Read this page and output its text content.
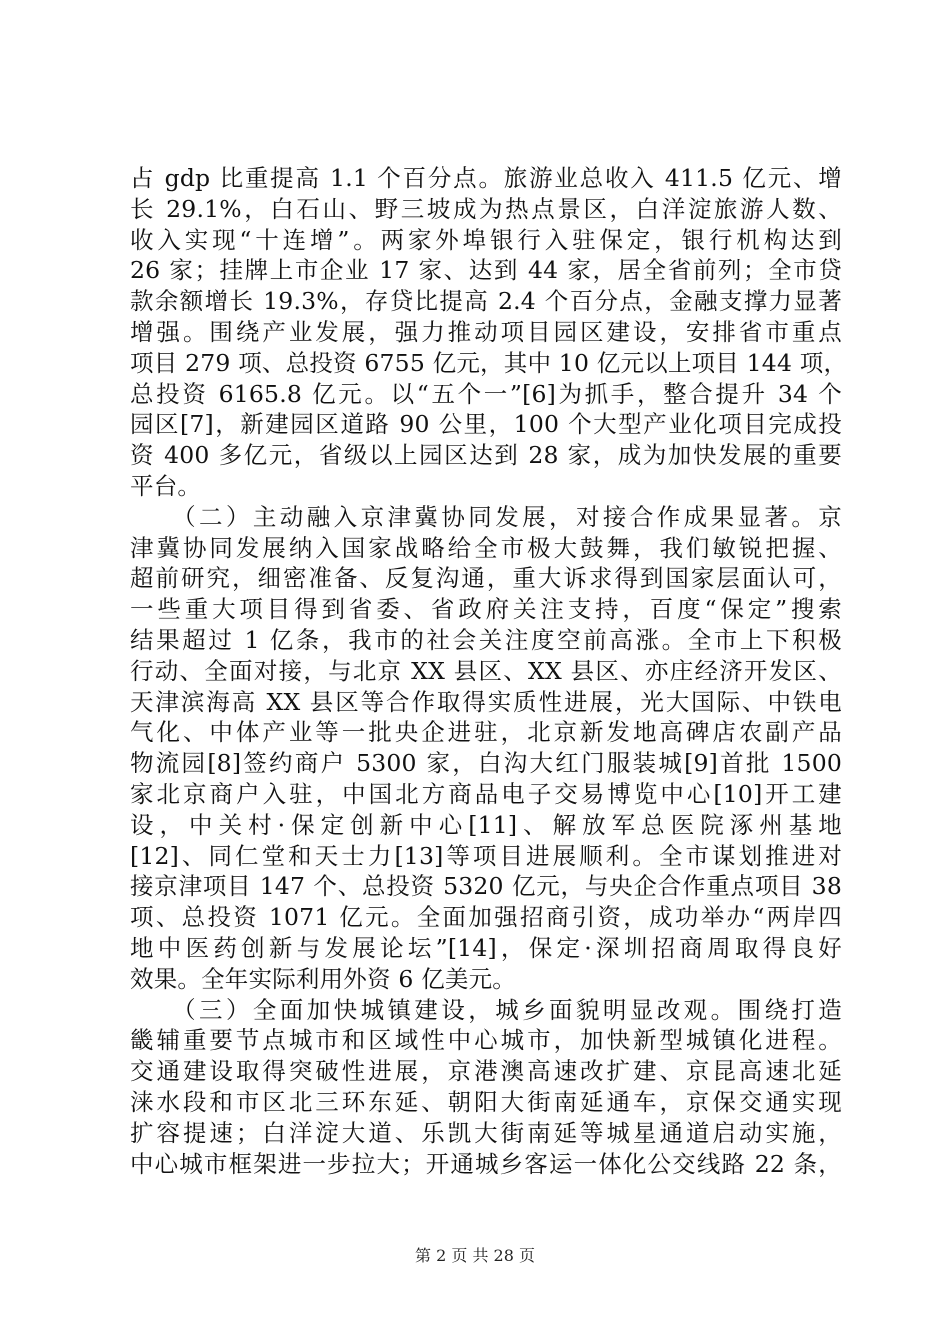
占 gdp 比重提高 1.1 个百分点。旅游业总收入 411.5 亿元、增
长 29.1%，白石山、野三坡成为热点景区，白洋淀旅游人数、
收入实现“十连增”。两家外埠银行入驻保定，银行机构达到
26 家；挂牌上市企业 17 家、达到 44 家，居全省前列；全市贷
款余额增长 19.3%，存贷比提高 2.4 个百分点，金融支撑力显著
增强。围绕产业发展，强力推动项目园区建设，安排省市重点
项目 279 项、总投资 6755 亿元，其中 10 亿元以上项目 144 项，
总投资 6165.8 亿元。以“五个一”[6]为抓手，整合提升 34 个
园区[7]，新建园区道路 90 公里，100 个大型产业化项目完成投
资 400 多亿元，省级以上园区达到 28 家，成为加快发展的重要
平台。
　　（二）主动融入京津冀协同发展，对接合作成果显著。京
津冀协同发展纳入国家战略给全市极大鼓舞，我们敏锐把握、
超前研究，细密准备、反复沟通，重大诉求得到国家层面认可，
一些重大项目得到省委、省政府关注支持，百度“保定”搜索
结果超过 1 亿条，我市的社会关注度空前高涨。全市上下积极
行动、全面对接，与北京 XX 县区、XX 县区、亦庄经济开发区、
天津滨海高 XX 县区等合作取得实质性进展，光大国际、中铁电
气化、中体产业等一批央企进驻，北京新发地高碑店农副产品
物流园[8]签约商户 5300 家，白沟大红门服装城[9]首批 1500
家北京商户入驻，中国北方商品电子交易博览中心[10]开工建
设，中关村·保定创新中心[11]、解放军总医院涿州基地
[12]、同仁堂和天士力[13]等项目进展顺利。全市谋划推进对
接京津项目 147 个、总投资 5320 亿元，与央企合作重点项目 38
项、总投资 1071 亿元。全面加强招商引资，成功举办“两岸四
地中医药创新与发展论坛”[14]，保定·深圳招商周取得良好
效果。全年实际利用外资 6 亿美元。
　　（三）全面加快城镇建设，城乡面貌明显改观。围绕打造
畿辅重要节点城市和区域性中心城市，加快新型城镇化进程。
交通建设取得突破性进展，京港澳高速改扩建、京昆高速北延
涞水段和市区北三环东延、朝阳大街南延通车，京保交通实现
扩容提速；白洋淀大道、乐凯大街南延等城星通道启动实施，
中心城市框架进一步拉大；开通城乡客运一体化公交线路 22 条，
第 2 页 共 28 页
